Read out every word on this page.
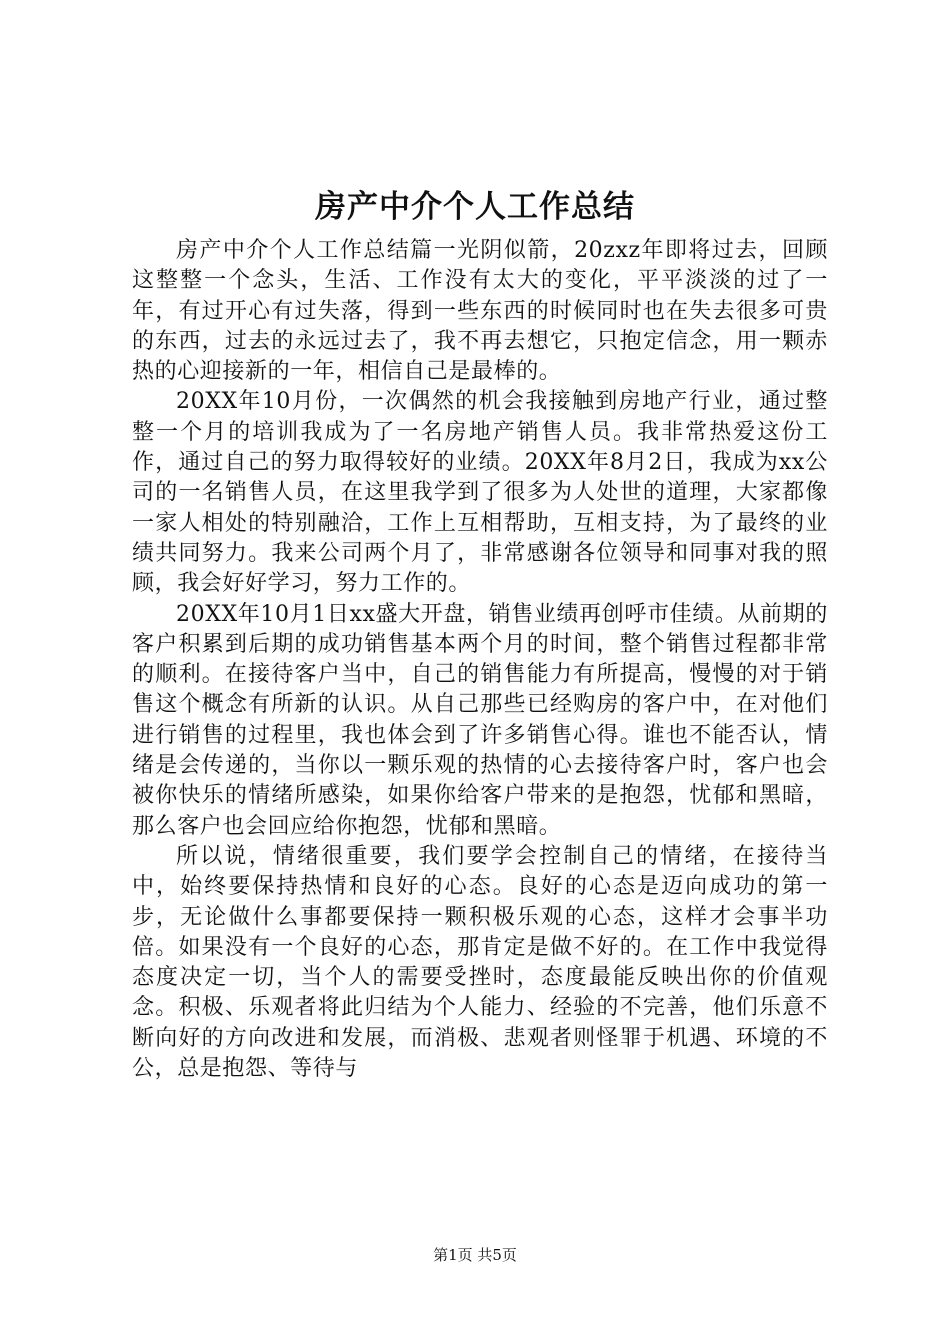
房产中介个人工作总结

房产中介个人工作总结篇一光阴似箭，20zxz年即将过去，回顾这整整一个念头，生活、工作没有太大的变化，平平淡淡的过了一年，有过开心有过失落，得到一些东西的时候同时也在失去很多可贵的东西，过去的永远过去了，我不再去想它，只抱定信念，用一颗赤热的心迎接新的一年，相信自己是最棒的。

20XX年10月份，一次偶然的机会我接触到房地产行业，通过整整一个月的培训我成为了一名房地产销售人员。我非常热爱这份工作，通过自己的努力取得较好的业绩。20XX年8月2日，我成为xx公司的一名销售人员，在这里我学到了很多为人处世的道理，大家都像一家人相处的特别融洽，工作上互相帮助，互相支持，为了最终的业绩共同努力。我来公司两个月了，非常感谢各位领导和同事对我的照顾，我会好好学习，努力工作的。

20XX年10月1日xx盛大开盘，销售业绩再创呼市佳绩。从前期的客户积累到后期的成功销售基本两个月的时间，整个销售过程都非常的顺利。在接待客户当中，自己的销售能力有所提高，慢慢的对于销售这个概念有所新的认识。从自己那些已经购房的客户中，在对他们进行销售的过程里，我也体会到了许多销售心得。谁也不能否认，情绪是会传递的，当你以一颗乐观的热情的心去接待客户时，客户也会被你快乐的情绪所感染，如果你给客户带来的是抱怨，忧郁和黑暗，那么客户也会回应给你抱怨，忧郁和黑暗。

所以说，情绪很重要，我们要学会控制自己的情绪，在接待当中，始终要保持热情和良好的心态。良好的心态是迈向成功的第一步，无论做什么事都要保持一颗积极乐观的心态，这样才会事半功倍。如果没有一个良好的心态，那肯定是做不好的。在工作中我觉得态度决定一切，当个人的需要受挫时，态度最能反映出你的价值观念。积极、乐观者将此归结为个人能力、经验的不完善，他们乐意不断向好的方向改进和发展，而消极、悲观者则怪罪于机遇、环境的不公，总是抱怨、等待与

第1页 共5页
